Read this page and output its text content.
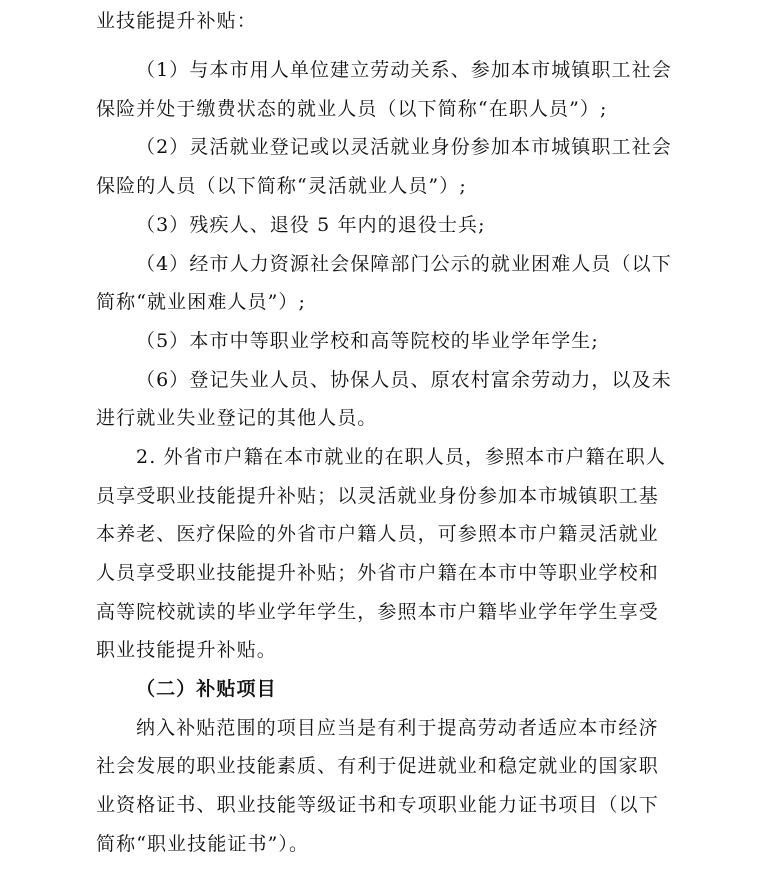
业技能提升补贴：
（1）与本市用人单位建立劳动关系、参加本市城镇职工社会
保险并处于缴费状态的就业人员（以下简称“在职人员”）;
（2）灵活就业登记或以灵活就业身份参加本市城镇职工社会
保险的人员（以下简称“灵活就业人员”）;
（3）残疾人、退役 5 年内的退役士兵;
（4）经市人力资源社会保障部门公示的就业困难人员（以下
简称“就业困难人员”）;
（5）本市中等职业学校和高等院校的毕业学年学生;
（6）登记失业人员、协保人员、原农村富余劳动力，以及未
进行就业失业登记的其他人员。
2. 外省市户籍在本市就业的在职人员，参照本市户籍在职人
员享受职业技能提升补贴；以灵活就业身份参加本市城镇职工基
本养老、医疗保险的外省市户籍人员，可参照本市户籍灵活就业
人员享受职业技能提升补贴；外省市户籍在本市中等职业学校和
高等院校就读的毕业学年学生，参照本市户籍毕业学年学生享受
职业技能提升补贴。
（二）补贴项目
纳入补贴范围的项目应当是有利于提高劳动者适应本市经济
社会发展的职业技能素质、有利于促进就业和稳定就业的国家职
业资格证书、职业技能等级证书和专项职业能力证书项目（以下
简称“职业技能证书”）。
